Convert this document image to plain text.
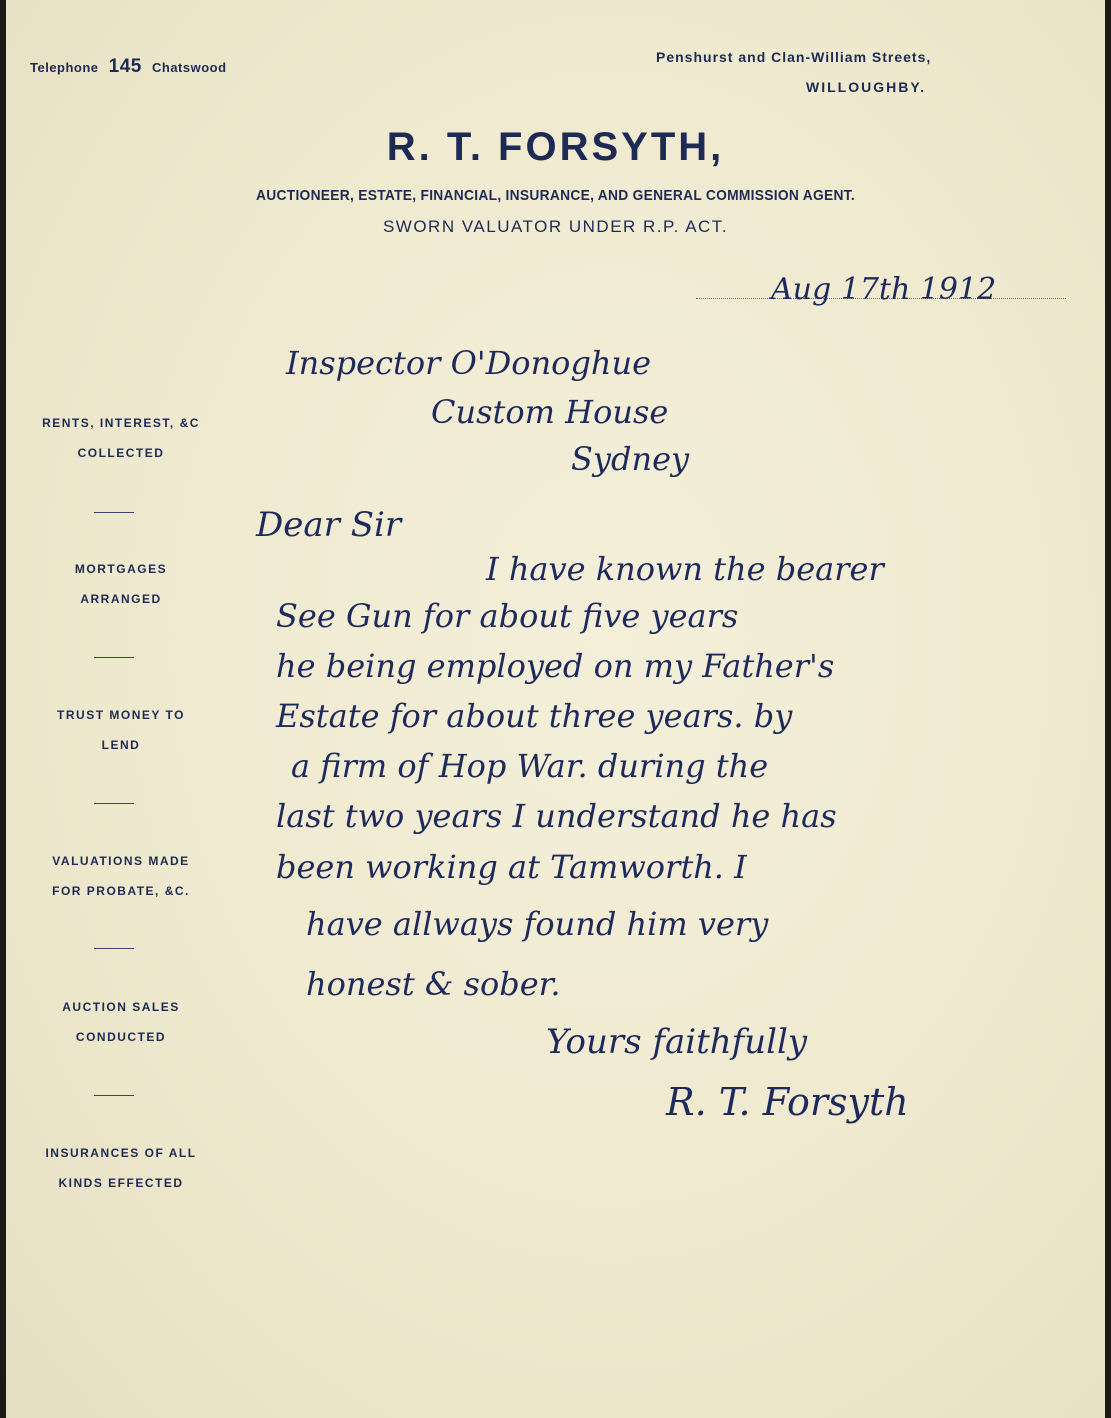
Telephone 145 Chatswood
Penshurst and Clan-William Streets,
WILLOUGHBY.
R. T. FORSYTH,
AUCTIONEER, ESTATE, FINANCIAL, INSURANCE, AND GENERAL COMMISSION AGENT.
SWORN VALUATOR UNDER R.P. ACT.
RENTS, INTEREST, &C
COLLECTED
MORTGAGES
ARRANGED
TRUST MONEY TO
LEND
VALUATIONS MADE
FOR PROBATE, &C.
AUCTION SALES
CONDUCTED
INSURANCES OF ALL
KINDS EFFECTED
Aug 17th 1912
Inspector O'Donoghue
Custom House
Sydney
Dear Sir
I have known the bearer
See Gun for about five years
he being employed on my Father's
Estate for about three years. by
a firm of Hop War. during the
last two years I understand he has
been working at Tamworth. I
have allways found him very
honest & sober.
Yours faithfully
R. T. Forsyth
